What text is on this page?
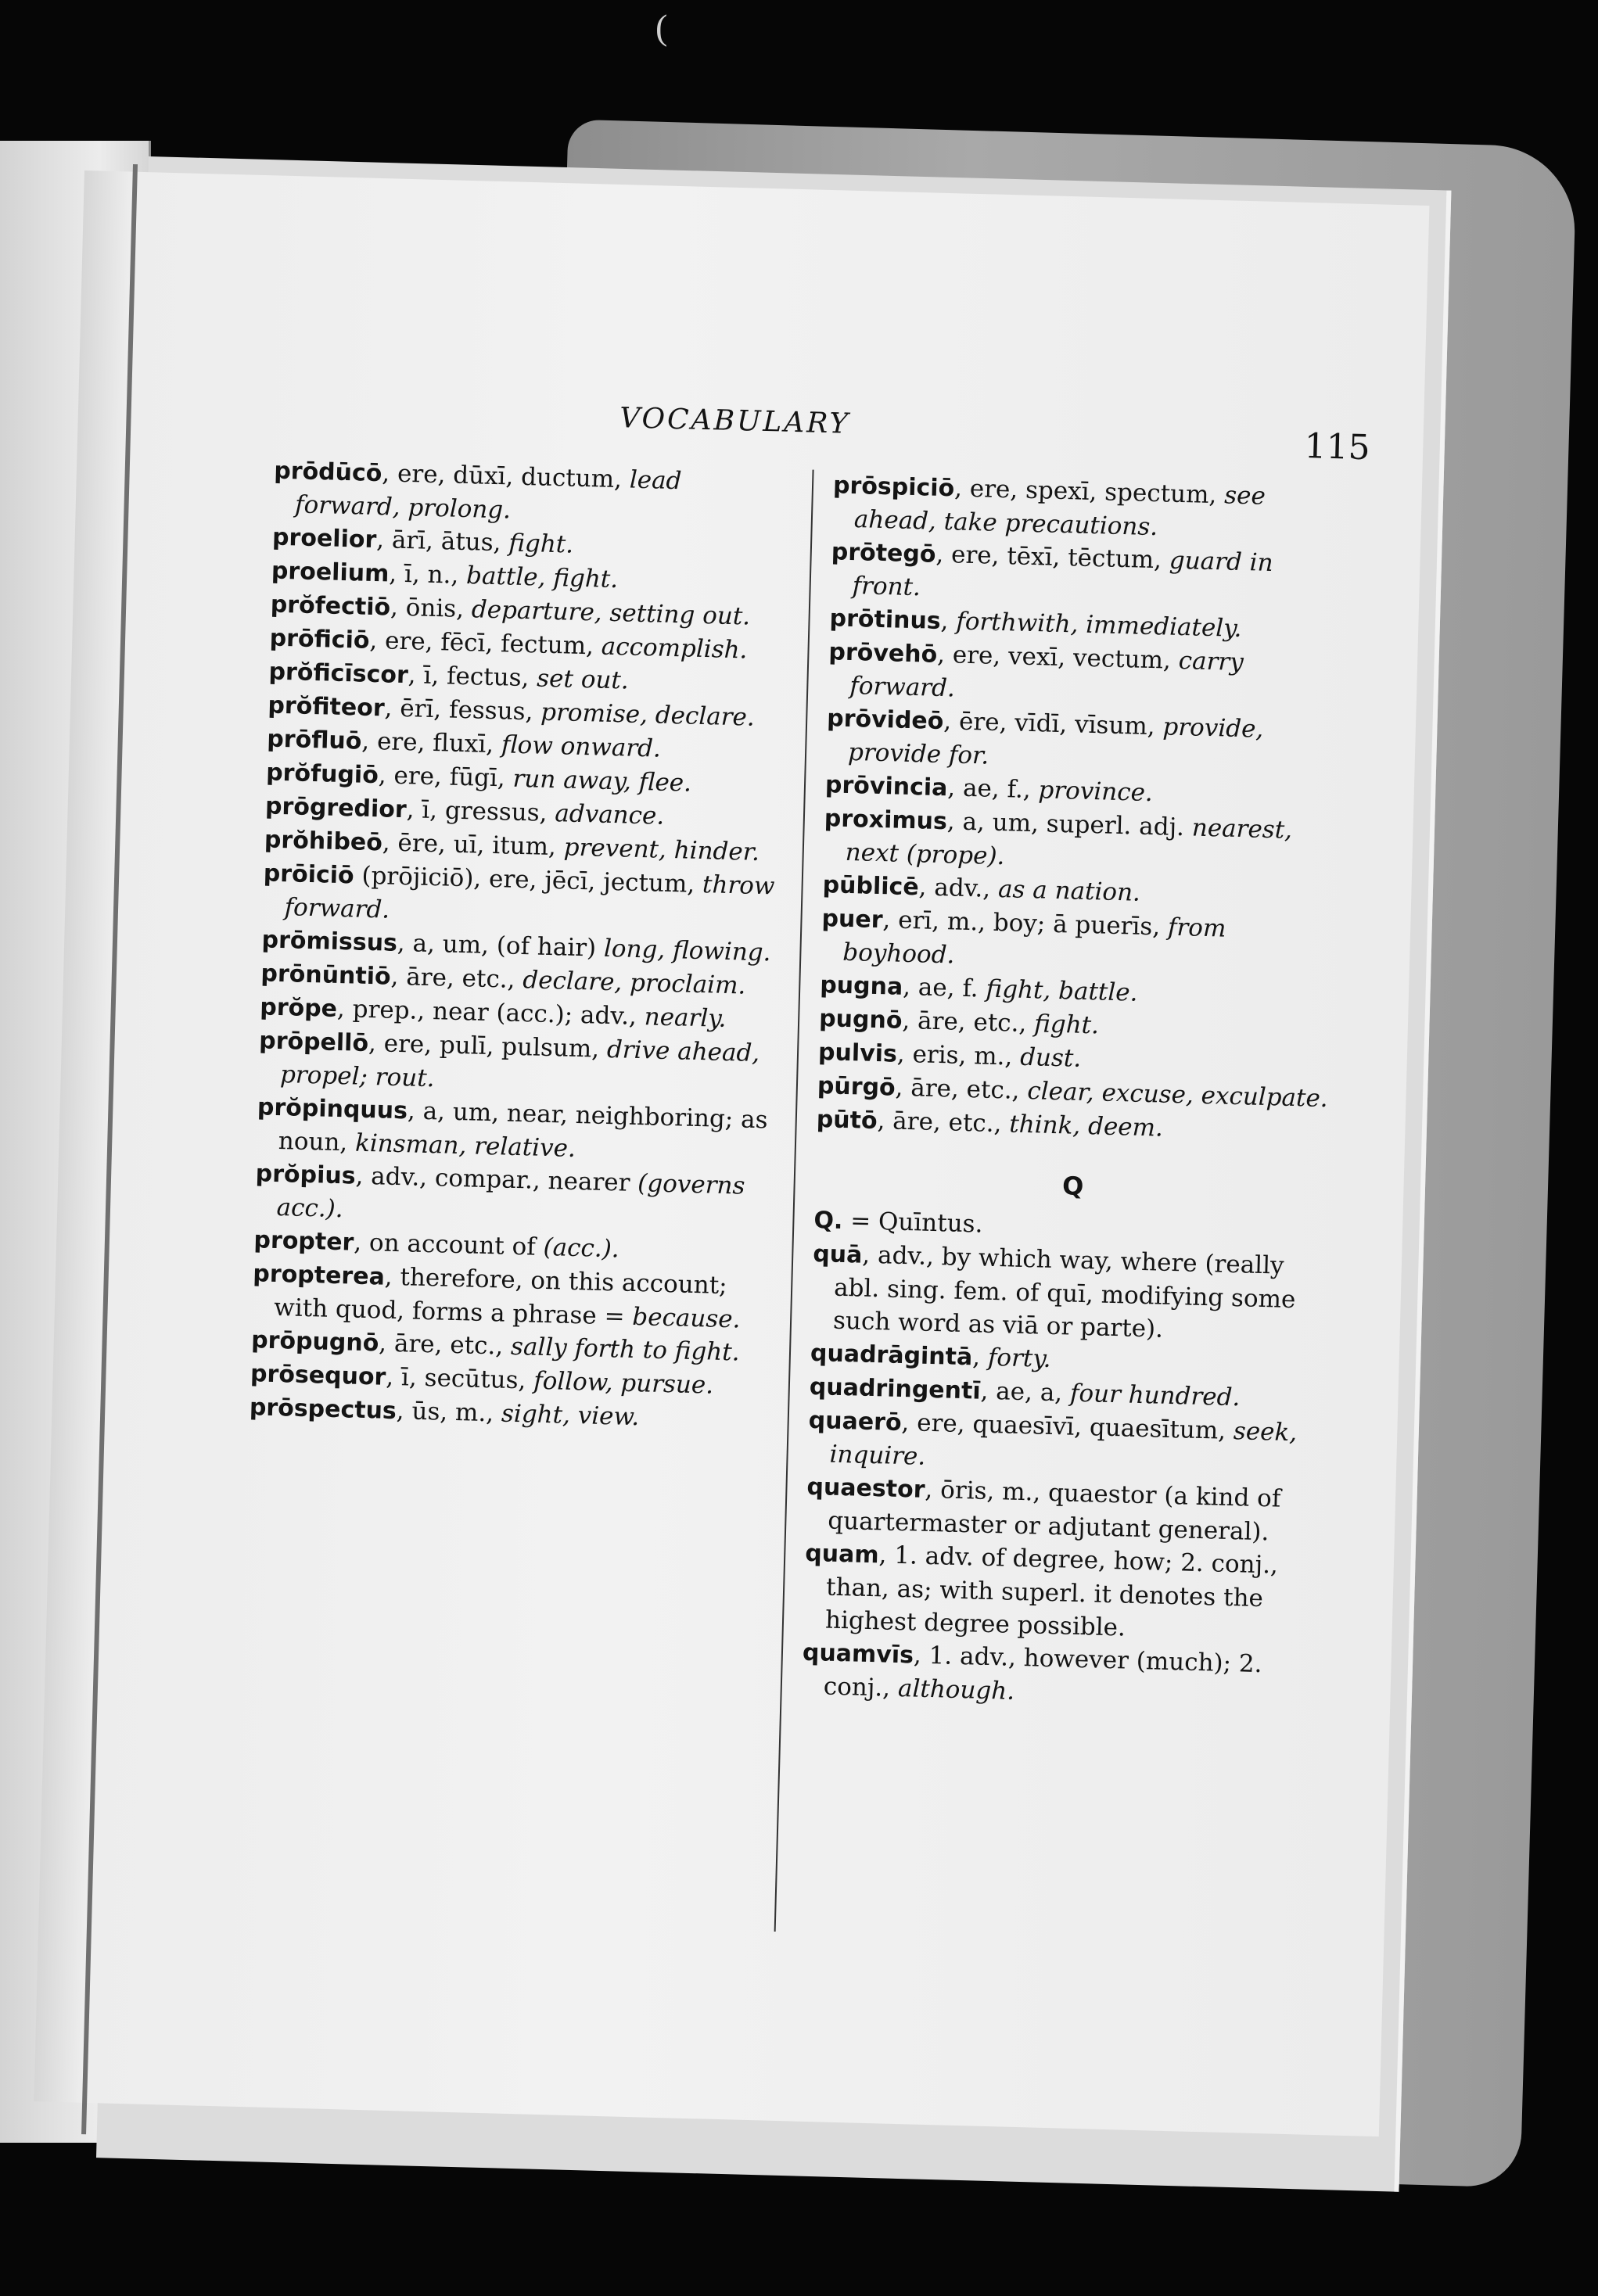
(
VOCABULARY
115

prōdūcō, ere, dūxī, ductum, lead forward, prolong.

proelior, ārī, ātus, fight.

proelium, ī, n., battle, fight.

prŏfectiō, ōnis, departure, setting out.

prōficiō, ere, fēcī, fectum, accomplish.

prŏficīscor, ī, fectus, set out.

prŏfiteor, ērī, fessus, promise, declare.

prōfluō, ere, fluxī, flow onward.

prŏfugiō, ere, fūgī, run away, flee.

prōgredior, ī, gressus, advance.

prŏhibeō, ēre, uī, itum, prevent, hinder.

prōiciō (prōjiciō), ere, jēcī, jectum, throw forward.

prōmissus, a, um, (of hair) long, flowing.

prōnūntiō, āre, etc., declare, proclaim.

prŏpe, prep., near (acc.); adv., nearly.

prōpellō, ere, pulī, pulsum, drive ahead, propel; rout.

prŏpinquus, a, um, near, neighboring; as noun, kinsman, relative.

prŏpius, adv., compar., nearer (governs acc.).

propter, on account of (acc.).

propterea, therefore, on this account; with quod, forms a phrase = because.

prōpugnō, āre, etc., sally forth to fight.

prōsequor, ī, secūtus, follow, pursue.

prōspectus, ūs, m., sight, view.

prōspiciō, ere, spexī, spectum, see ahead, take precautions.

prōtegō, ere, tēxī, tēctum, guard in front.

prōtinus, forthwith, immediately.

prōvehō, ere, vexī, vectum, carry forward.

prōvideō, ēre, vīdī, vīsum, provide, provide for.

prōvincia, ae, f., province.

proximus, a, um, superl. adj. nearest, next (prope).

pūblicē, adv., as a nation.

puer, erī, m., boy; ā puerīs, from boyhood.

pugna, ae, f. fight, battle.

pugnō, āre, etc., fight.

pulvis, eris, m., dust.

pūrgō, āre, etc., clear, excuse, exculpate.

pūtō, āre, etc., think, deem.

Q

Q. = Quīntus.

quā, adv., by which way, where (really abl. sing. fem. of quī, modifying some such word as viā or parte).

quadrāgintā, forty.

quadringentī, ae, a, four hundred.

quaerō, ere, quaesīvī, quaesītum, seek, inquire.

quaestor, ōris, m., quaestor (a kind of quartermaster or adjutant general).

quam, 1. adv. of degree, how; 2. conj., than, as; with superl. it denotes the highest degree possible.

quamvīs, 1. adv., however (much); 2. conj., although.
